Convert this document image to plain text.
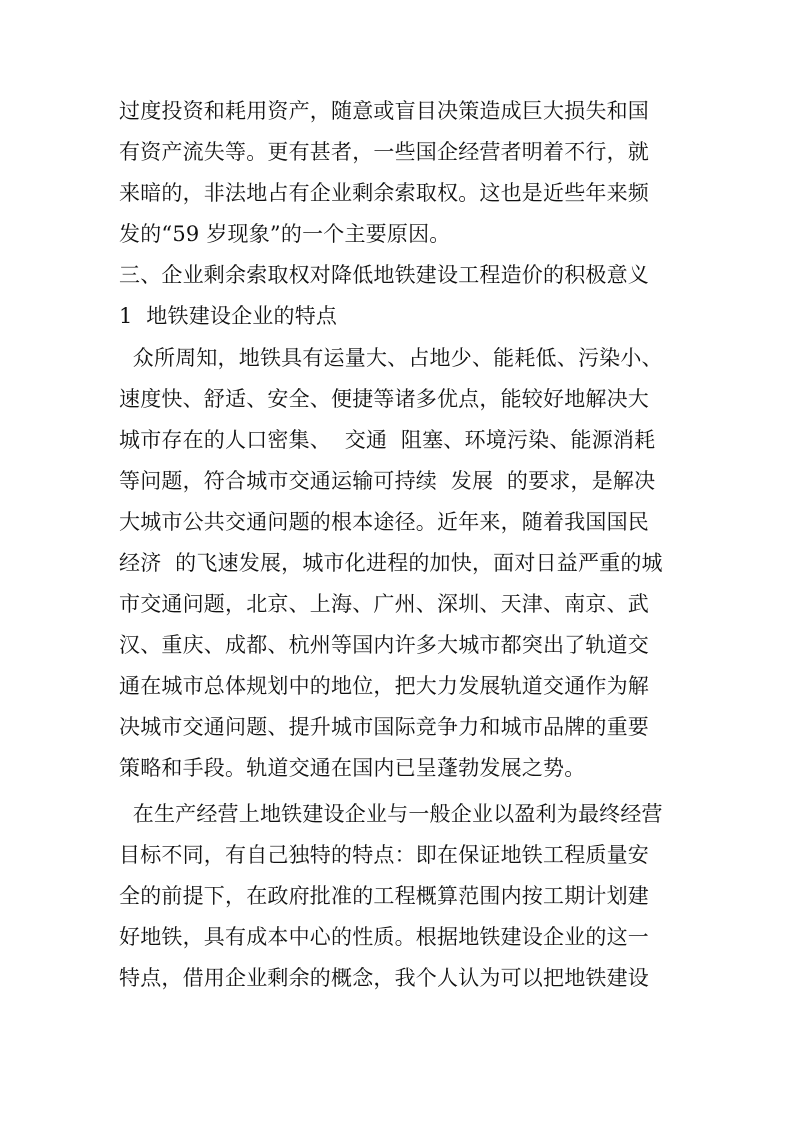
过度投资和耗用资产，随意或盲目决策造成巨大损失和国
有资产流失等。更有甚者，一些国企经营者明着不行，就
来暗的，非法地占有企业剩余索取权。这也是近些年来频
发的“59 岁现象”的一个主要原因。
三、企业剩余索取权对降低地铁建设工程造价的积极意义
1  地铁建设企业的特点
众所周知，地铁具有运量大、占地少、能耗低、污染小、
速度快、舒适、安全、便捷等诸多优点，能较好地解决大
城市存在的人口密集、  交通  阻塞、环境污染、能源消耗
等问题，符合城市交通运输可持续  发展  的要求，是解决
大城市公共交通问题的根本途径。近年来，随着我国国民
经济  的飞速发展，城市化进程的加快，面对日益严重的城
市交通问题，北京、上海、广州、深圳、天津、南京、武
汉、重庆、成都、杭州等国内许多大城市都突出了轨道交
通在城市总体规划中的地位，把大力发展轨道交通作为解
决城市交通问题、提升城市国际竞争力和城市品牌的重要
策略和手段。轨道交通在国内已呈蓬勃发展之势。
在生产经营上地铁建设企业与一般企业以盈利为最终经营
目标不同，有自己独特的特点：即在保证地铁工程质量安
全的前提下，在政府批准的工程概算范围内按工期计划建
好地铁，具有成本中心的性质。根据地铁建设企业的这一
特点，借用企业剩余的概念，我个人认为可以把地铁建设
